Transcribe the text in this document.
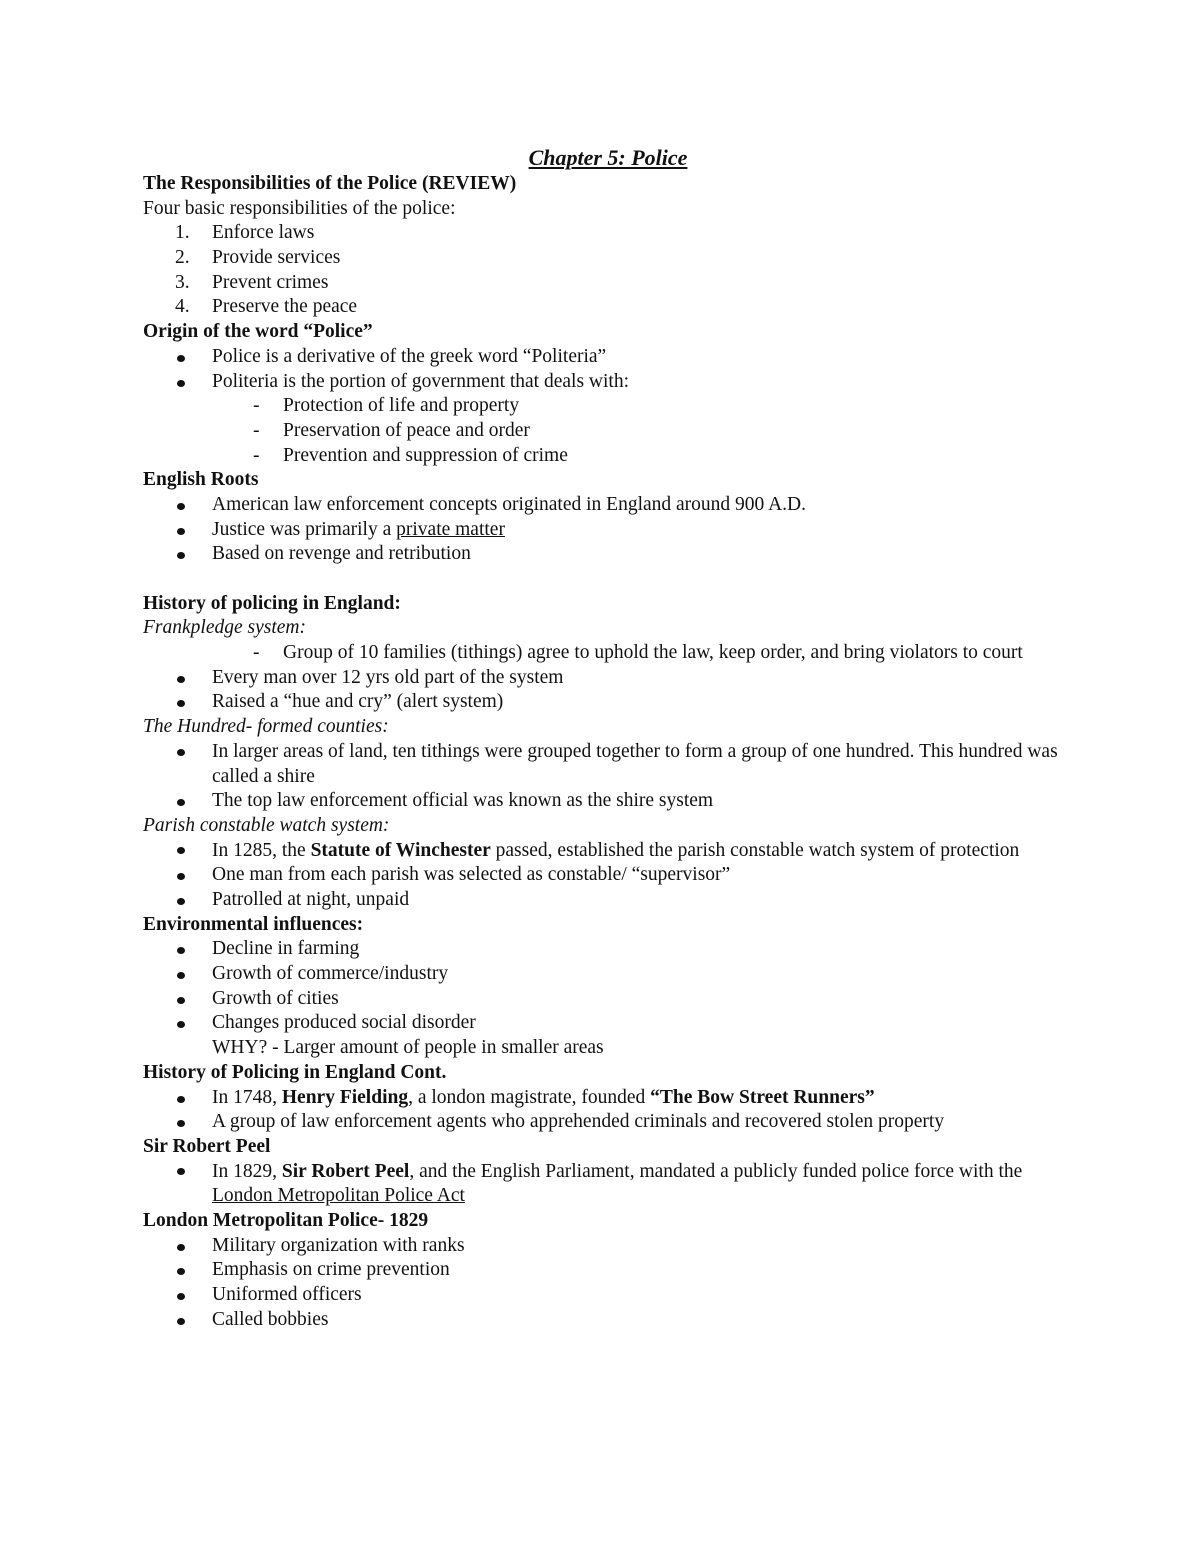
Chapter 5: Police
The Responsibilities of the Police (REVIEW)
Four basic responsibilities of the police:
1.	Enforce laws
2.	Provide services
3.	Prevent crimes
4.	Preserve the peace
Origin of the word “Police”
Police is a derivative of the greek word “Politeria”
Politeria is the portion of government that deals with:
-	Protection of life and property
-	Preservation of peace and order
-	Prevention and suppression of crime
English Roots
American law enforcement concepts originated in England around 900 A.D.
Justice was primarily a private matter
Based on revenge and retribution
History of policing in England:
Frankpledge system:
-	Group of 10 families (tithings) agree to uphold the law, keep order, and bring violators to court
Every man over 12 yrs old part of the system
Raised a “hue and cry” (alert system)
The Hundred- formed counties:
In larger areas of land, ten tithings were grouped together to form a group of one hundred. This hundred was called a shire
The top law enforcement official was known as the shire system
Parish constable watch system:
In 1285, the Statute of Winchester passed, established the parish constable watch system of protection
One man from each parish was selected as constable/ “supervisor”
Patrolled at night, unpaid
Environmental influences:
Decline in farming
Growth of commerce/industry
Growth of cities
Changes produced social disorder
WHY? - Larger amount of people in smaller areas
History of Policing in England Cont.
In 1748, Henry Fielding, a london magistrate, founded “The Bow Street Runners”
A group of law enforcement agents who apprehended criminals and recovered stolen property
Sir Robert Peel
In 1829, Sir Robert Peel, and the English Parliament, mandated a publicly funded police force with the London Metropolitan Police Act
London Metropolitan Police- 1829
Military organization with ranks
Emphasis on crime prevention
Uniformed officers
Called bobbies
